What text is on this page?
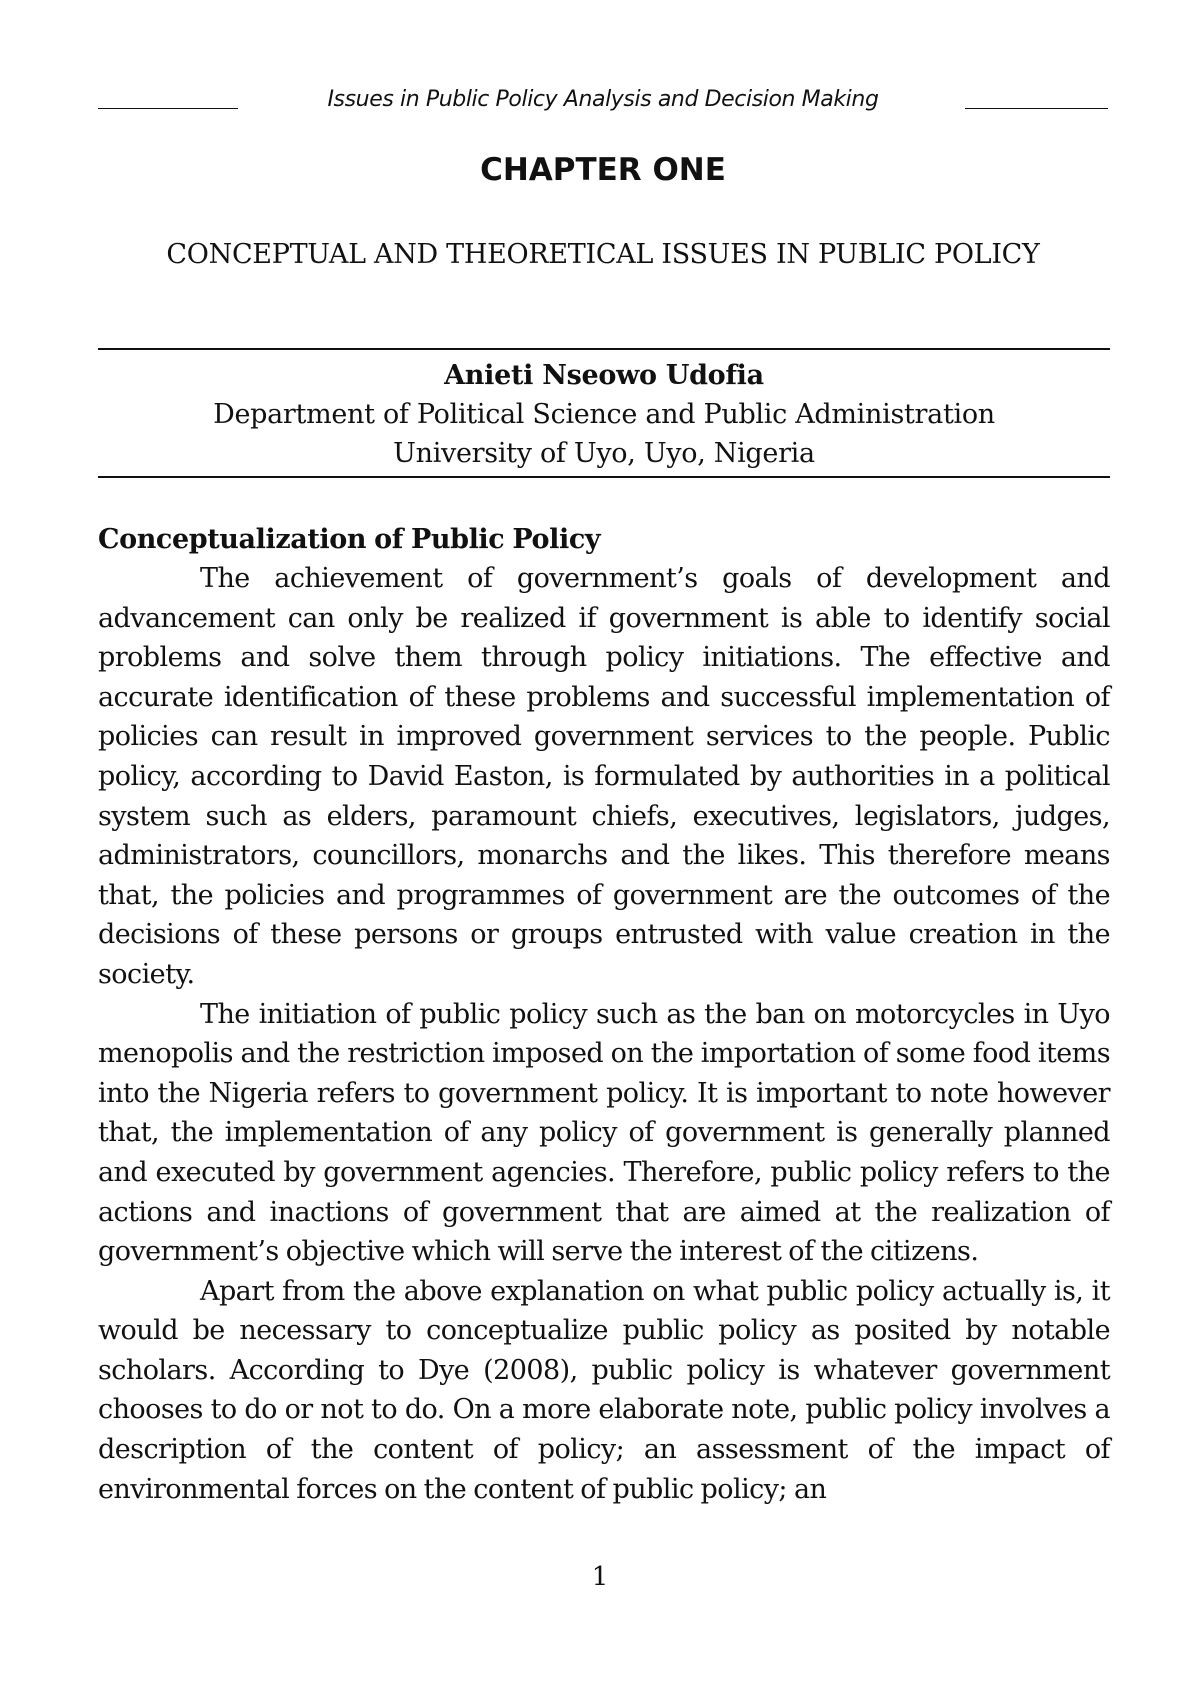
Issues in Public Policy Analysis and Decision Making
CHAPTER ONE
CONCEPTUAL AND THEORETICAL ISSUES IN PUBLIC POLICY
Anieti Nseowo Udofia
Department of Political Science and Public Administration
University of Uyo, Uyo, Nigeria
Conceptualization of Public Policy

The achievement of government’s goals of development and advancement can only be realized if government is able to identify social problems and solve them through policy initiations. The effective and accurate identification of these problems and successful implementation of policies can result in improved government services to the people. Public policy, according to David Easton, is formulated by authorities in a political system such as elders, paramount chiefs, executives, legislators, judges, administrators, councillors, monarchs and the likes. This therefore means that, the policies and programmes of government are the outcomes of the decisions of these persons or groups entrusted with value creation in the society.

The initiation of public policy such as the ban on motorcycles in Uyo menopolis and the restriction imposed on the importation of some food items into the Nigeria refers to government policy. It is important to note however that, the implementation of any policy of government is generally planned and executed by government agencies. Therefore, public policy refers to the actions and inactions of government that are aimed at the realization of government’s objective which will serve the interest of the citizens.

Apart from the above explanation on what public policy actually is, it would be necessary to conceptualize public policy as posited by notable scholars. According to Dye (2008), public policy is whatever government chooses to do or not to do. On a more elaborate note, public policy involves a description of the content of policy; an assessment of the impact of environmental forces on the content of public policy; an

1
